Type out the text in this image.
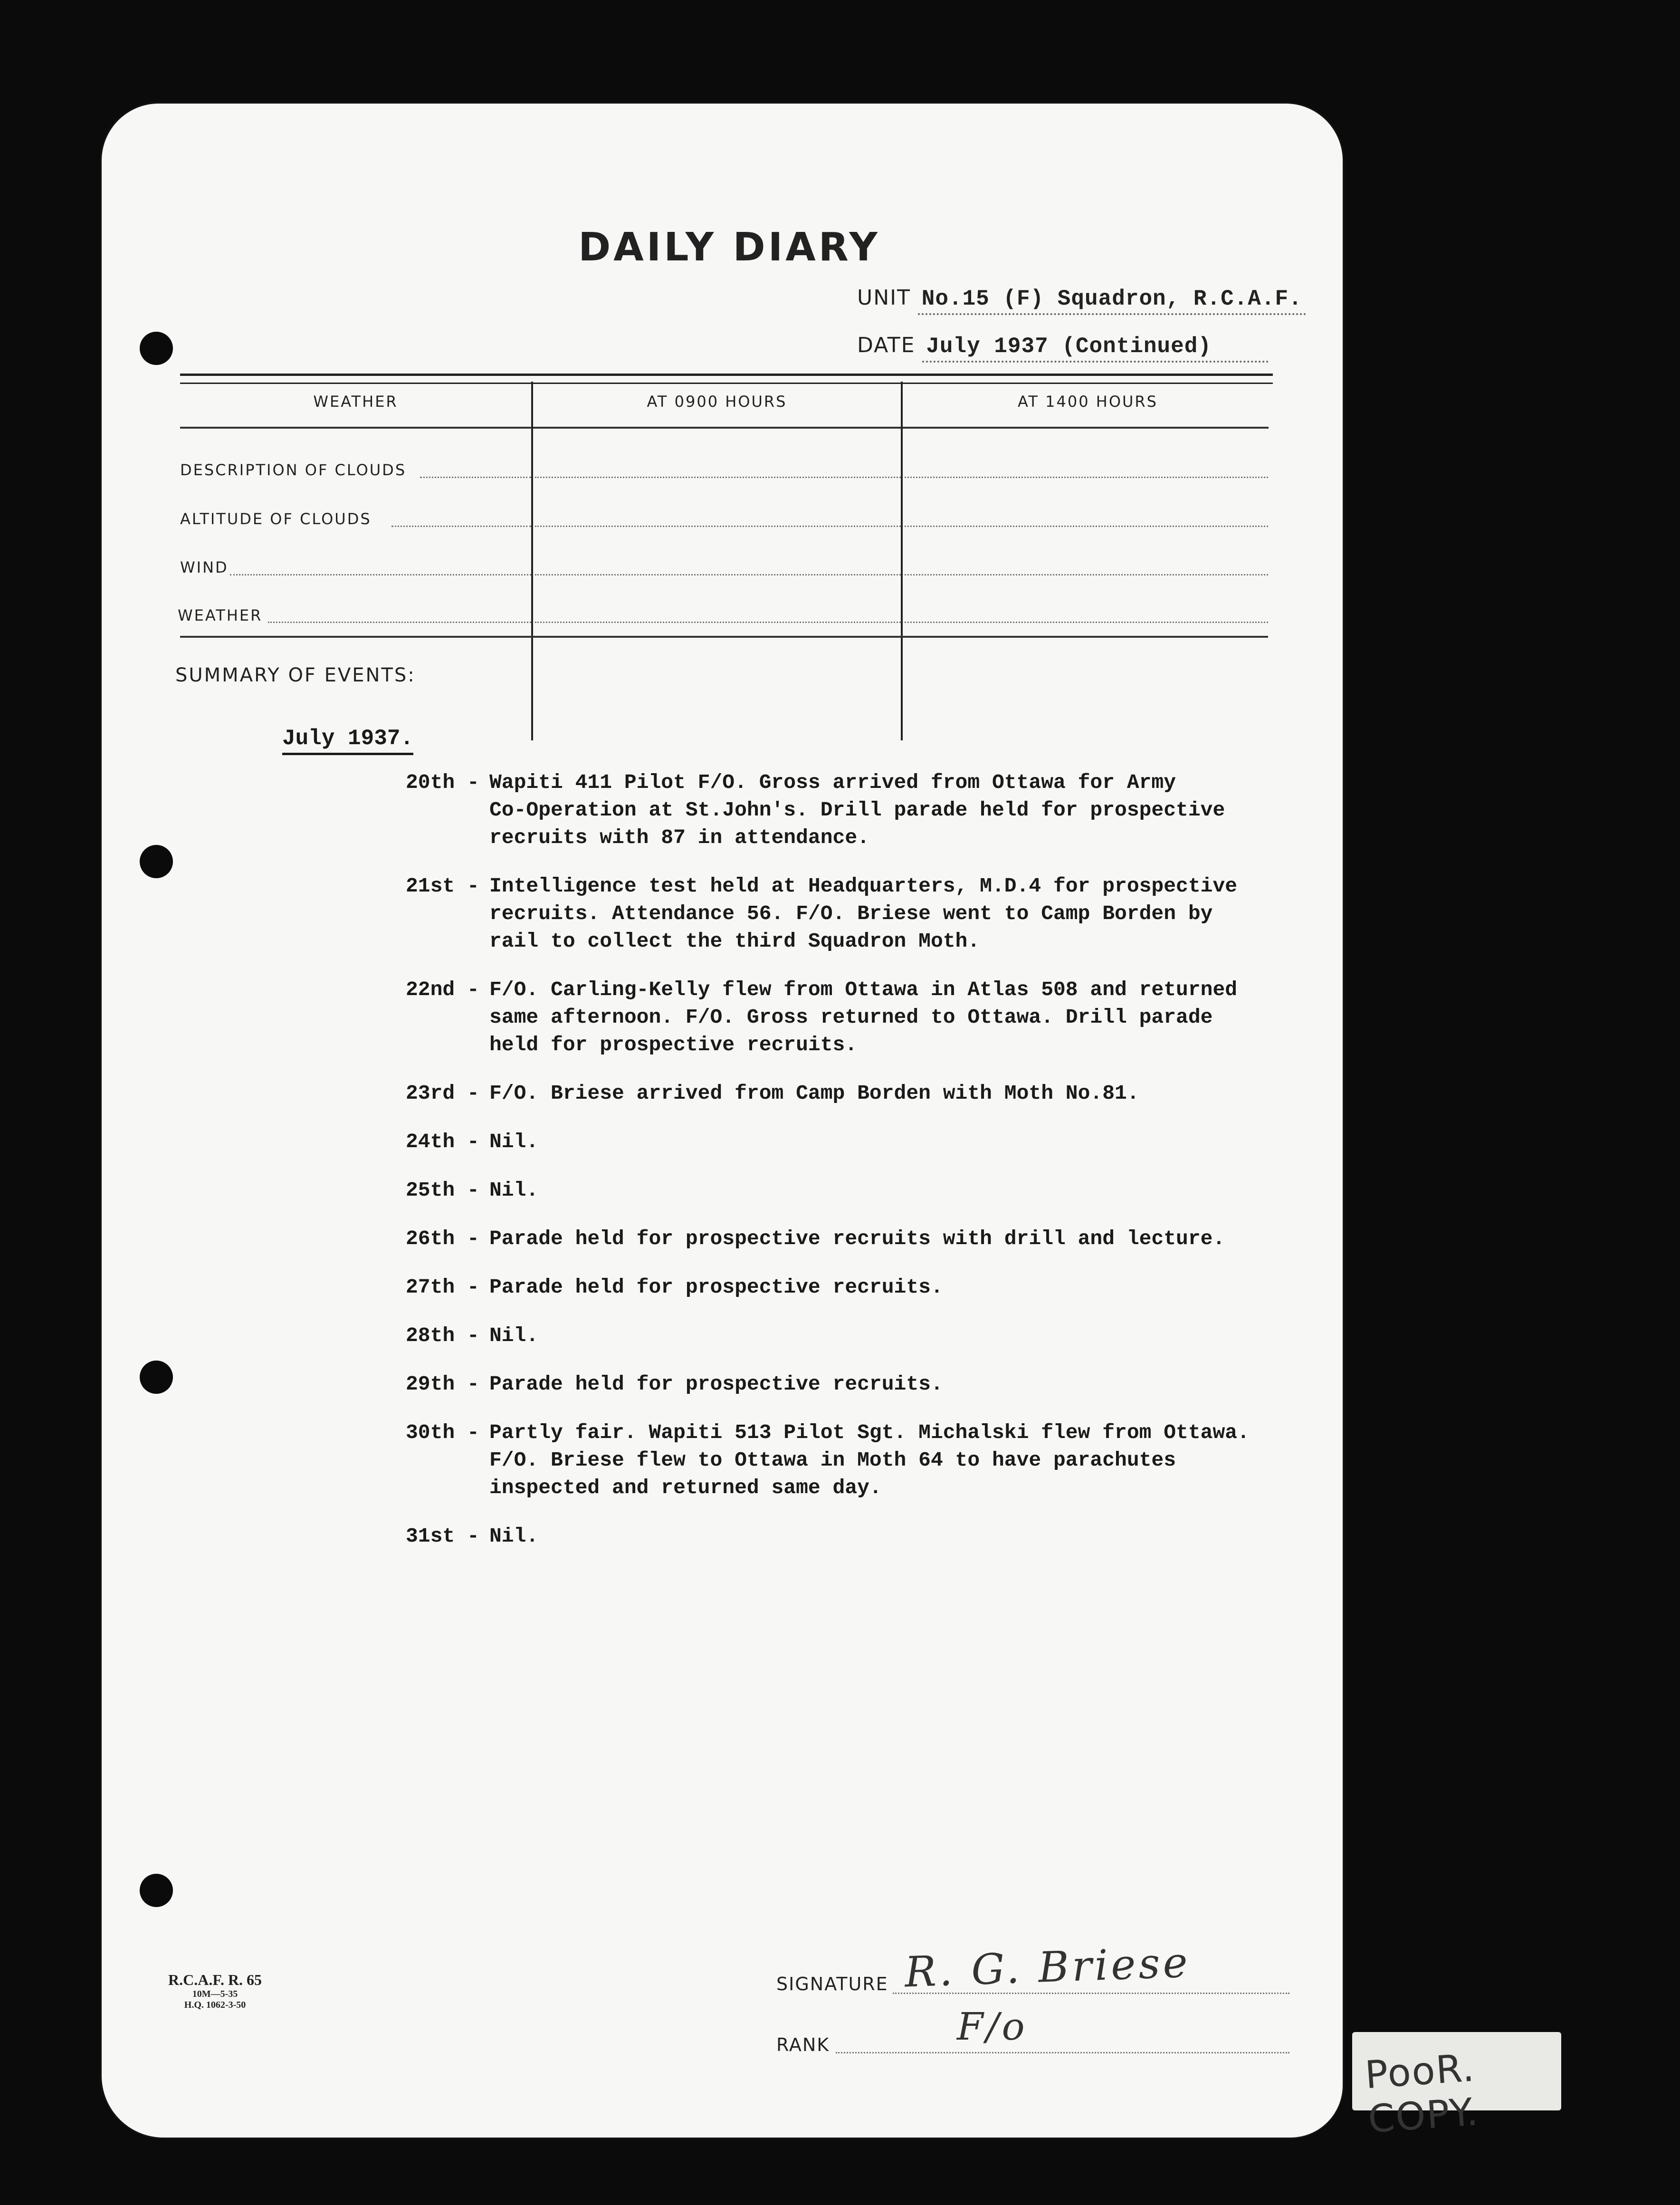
DAILY DIARY
UNIT No.15 (F) Squadron, R.C.A.F.
DATE July 1937 (Continued)
WEATHER	AT 0900 HOURS	AT 1400 HOURS
DESCRIPTION OF CLOUDS
ALTITUDE OF CLOUDS
WIND
WEATHER
SUMMARY OF EVENTS:
July 1937.
20th - Wapiti 411 Pilot F/O. Gross arrived from Ottawa for Army
Co-Operation at St.John's. Drill parade held for prospective
recruits with 87 in attendance.
21st - Intelligence test held at Headquarters, M.D.4 for prospective
recruits. Attendance 56. F/O. Briese went to Camp Borden by
rail to collect the third Squadron Moth.
22nd - F/O. Carling-Kelly flew from Ottawa in Atlas 508 and returned
same afternoon. F/O. Gross returned to Ottawa. Drill parade
held for prospective recruits.
23rd - F/O. Briese arrived from Camp Borden with Moth No.81.
24th - Nil.
25th - Nil.
26th - Parade held for prospective recruits with drill and lecture.
27th - Parade held for prospective recruits.
28th - Nil.
29th - Parade held for prospective recruits.
30th - Partly fair. Wapiti 513 Pilot Sgt. Michalski flew from Ottawa.
F/O. Briese flew to Ottawa in Moth 64 to have parachutes
inspected and returned same day.
31st - Nil.
R.C.A.F. R. 65
10M—5-35
H.Q. 1062-3-50
SIGNATURE R. G. Briese
RANK	F/o
PooR. COPY.
